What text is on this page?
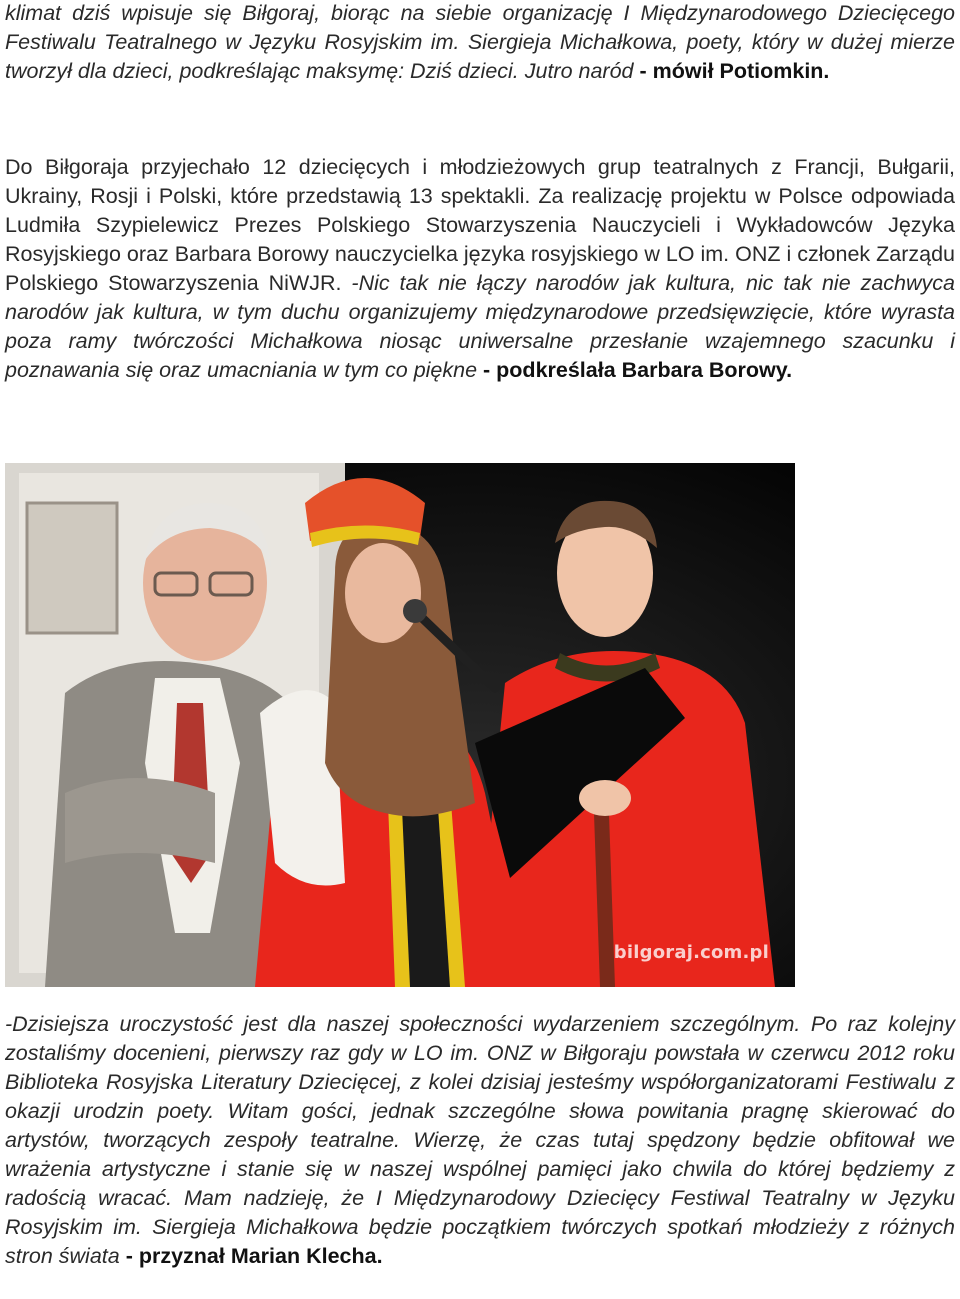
klimat dziś wpisuje się Biłgoraj, biorąc na siebie organizację I Międzynarodowego Dziecięcego Festiwalu Teatralnego w Języku Rosyjskim im. Siergieja Michałkowa, poety, który w dużej mierze tworzył dla dzieci, podkreślając maksymę: Dziś dzieci. Jutro naród - mówił Potiomkin.

Do Biłgoraja przyjechało 12 dziecięcych i młodzieżowych grup teatralnych z Francji, Bułgarii, Ukrainy, Rosji i Polski, które przedstawią 13 spektakli. Za realizację projektu w Polsce odpowiada Ludmiła Szypielewicz Prezes Polskiego Stowarzyszenia Nauczycieli i Wykładowców Języka Rosyjskiego oraz Barbara Borowy nauczycielka języka rosyjskiego w LO im. ONZ i członek Zarządu Polskiego Stowarzyszenia NiWJR. -Nic tak nie łączy narodów jak kultura, nic tak nie zachwyca narodów jak kultura, w tym duchu organizujemy międzynarodowe przedsięwzięcie, które wyrasta poza ramy twórczości Michałkowa niosąc uniwersalne przesłanie wzajemnego szacunku i poznawania się oraz umacniania w tym co piękne - podkreślała Barbara Borowy.

bilgoraj.com.pl

-Dzisiejsza uroczystość jest dla naszej społeczności wydarzeniem szczególnym. Po raz kolejny zostaliśmy docenieni, pierwszy raz gdy w LO im. ONZ w Biłgoraju powstała w czerwcu 2012 roku Biblioteka Rosyjska Literatury Dziecięcej, z kolei dzisiaj jesteśmy współorganizatorami Festiwalu z okazji urodzin poety. Witam gości, jednak szczególne słowa powitania pragnę skierować do artystów, tworzących zespoły teatralne. Wierzę, że czas tutaj spędzony będzie obfitował we wrażenia artystyczne i stanie się w naszej wspólnej pamięci jako chwila do której będziemy z radością wracać. Mam nadzieję, że I Międzynarodowy Dziecięcy Festiwal Teatralny w Języku Rosyjskim im. Siergieja Michałkowa będzie początkiem twórczych spotkań młodzieży z różnych stron świata - przyznał Marian Klecha.
